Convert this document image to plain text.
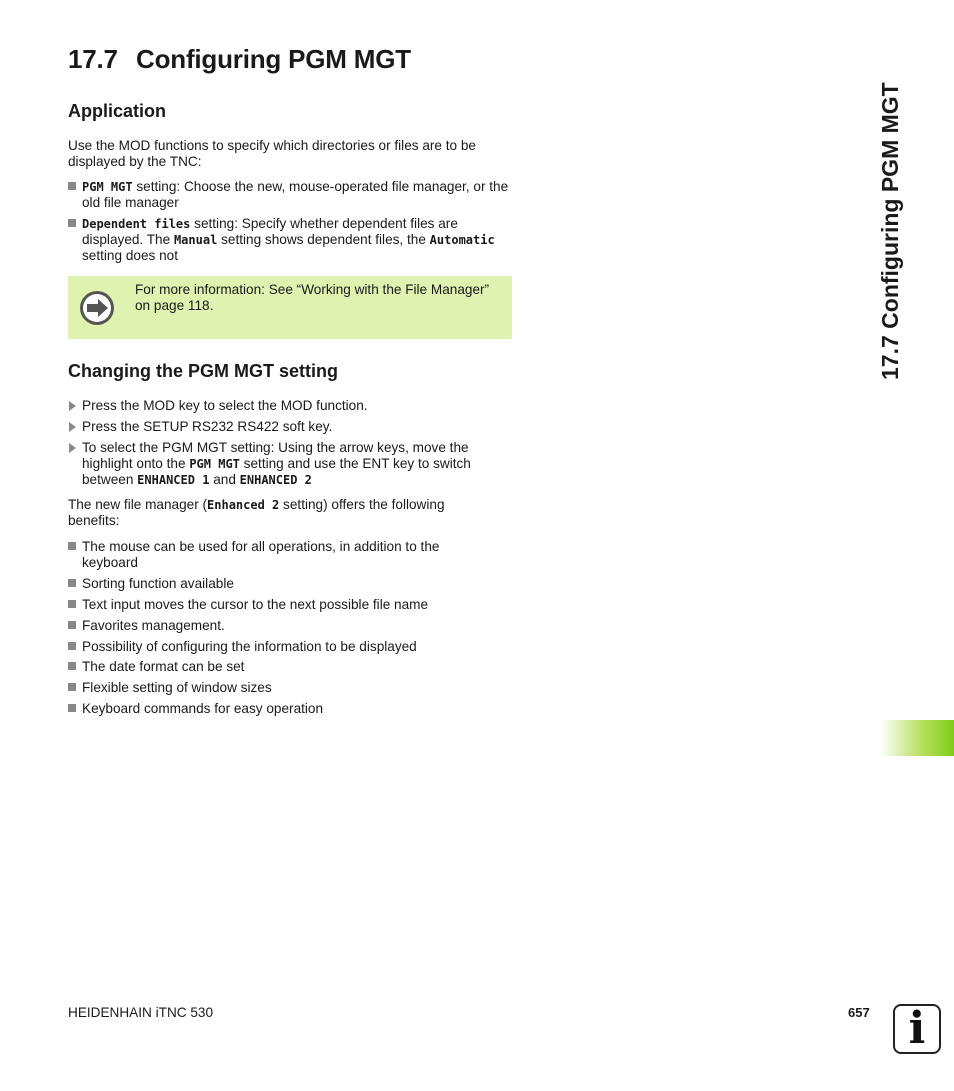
17.7 Configuring PGM MGT
Application
Use the MOD functions to specify which directories or files are to be displayed by the TNC:
PGM MGT setting: Choose the new, mouse-operated file manager, or the old file manager
Dependent files setting: Specify whether dependent files are displayed. The Manual setting shows dependent files, the Automatic setting does not
For more information: See “Working with the File Manager” on page 118.
Changing the PGM MGT setting
Press the MOD key to select the MOD function.
Press the SETUP RS232 RS422 soft key.
To select the PGM MGT setting: Using the arrow keys, move the highlight onto the PGM MGT setting and use the ENT key to switch between ENHANCED 1 and ENHANCED 2
The new file manager (Enhanced 2 setting) offers the following benefits:
The mouse can be used for all operations, in addition to the keyboard
Sorting function available
Text input moves the cursor to the next possible file name
Favorites management.
Possibility of configuring the information to be displayed
The date format can be set
Flexible setting of window sizes
Keyboard commands for easy operation
17.7 Configuring PGM MGT
HEIDENHAIN iTNC 530	657 i
